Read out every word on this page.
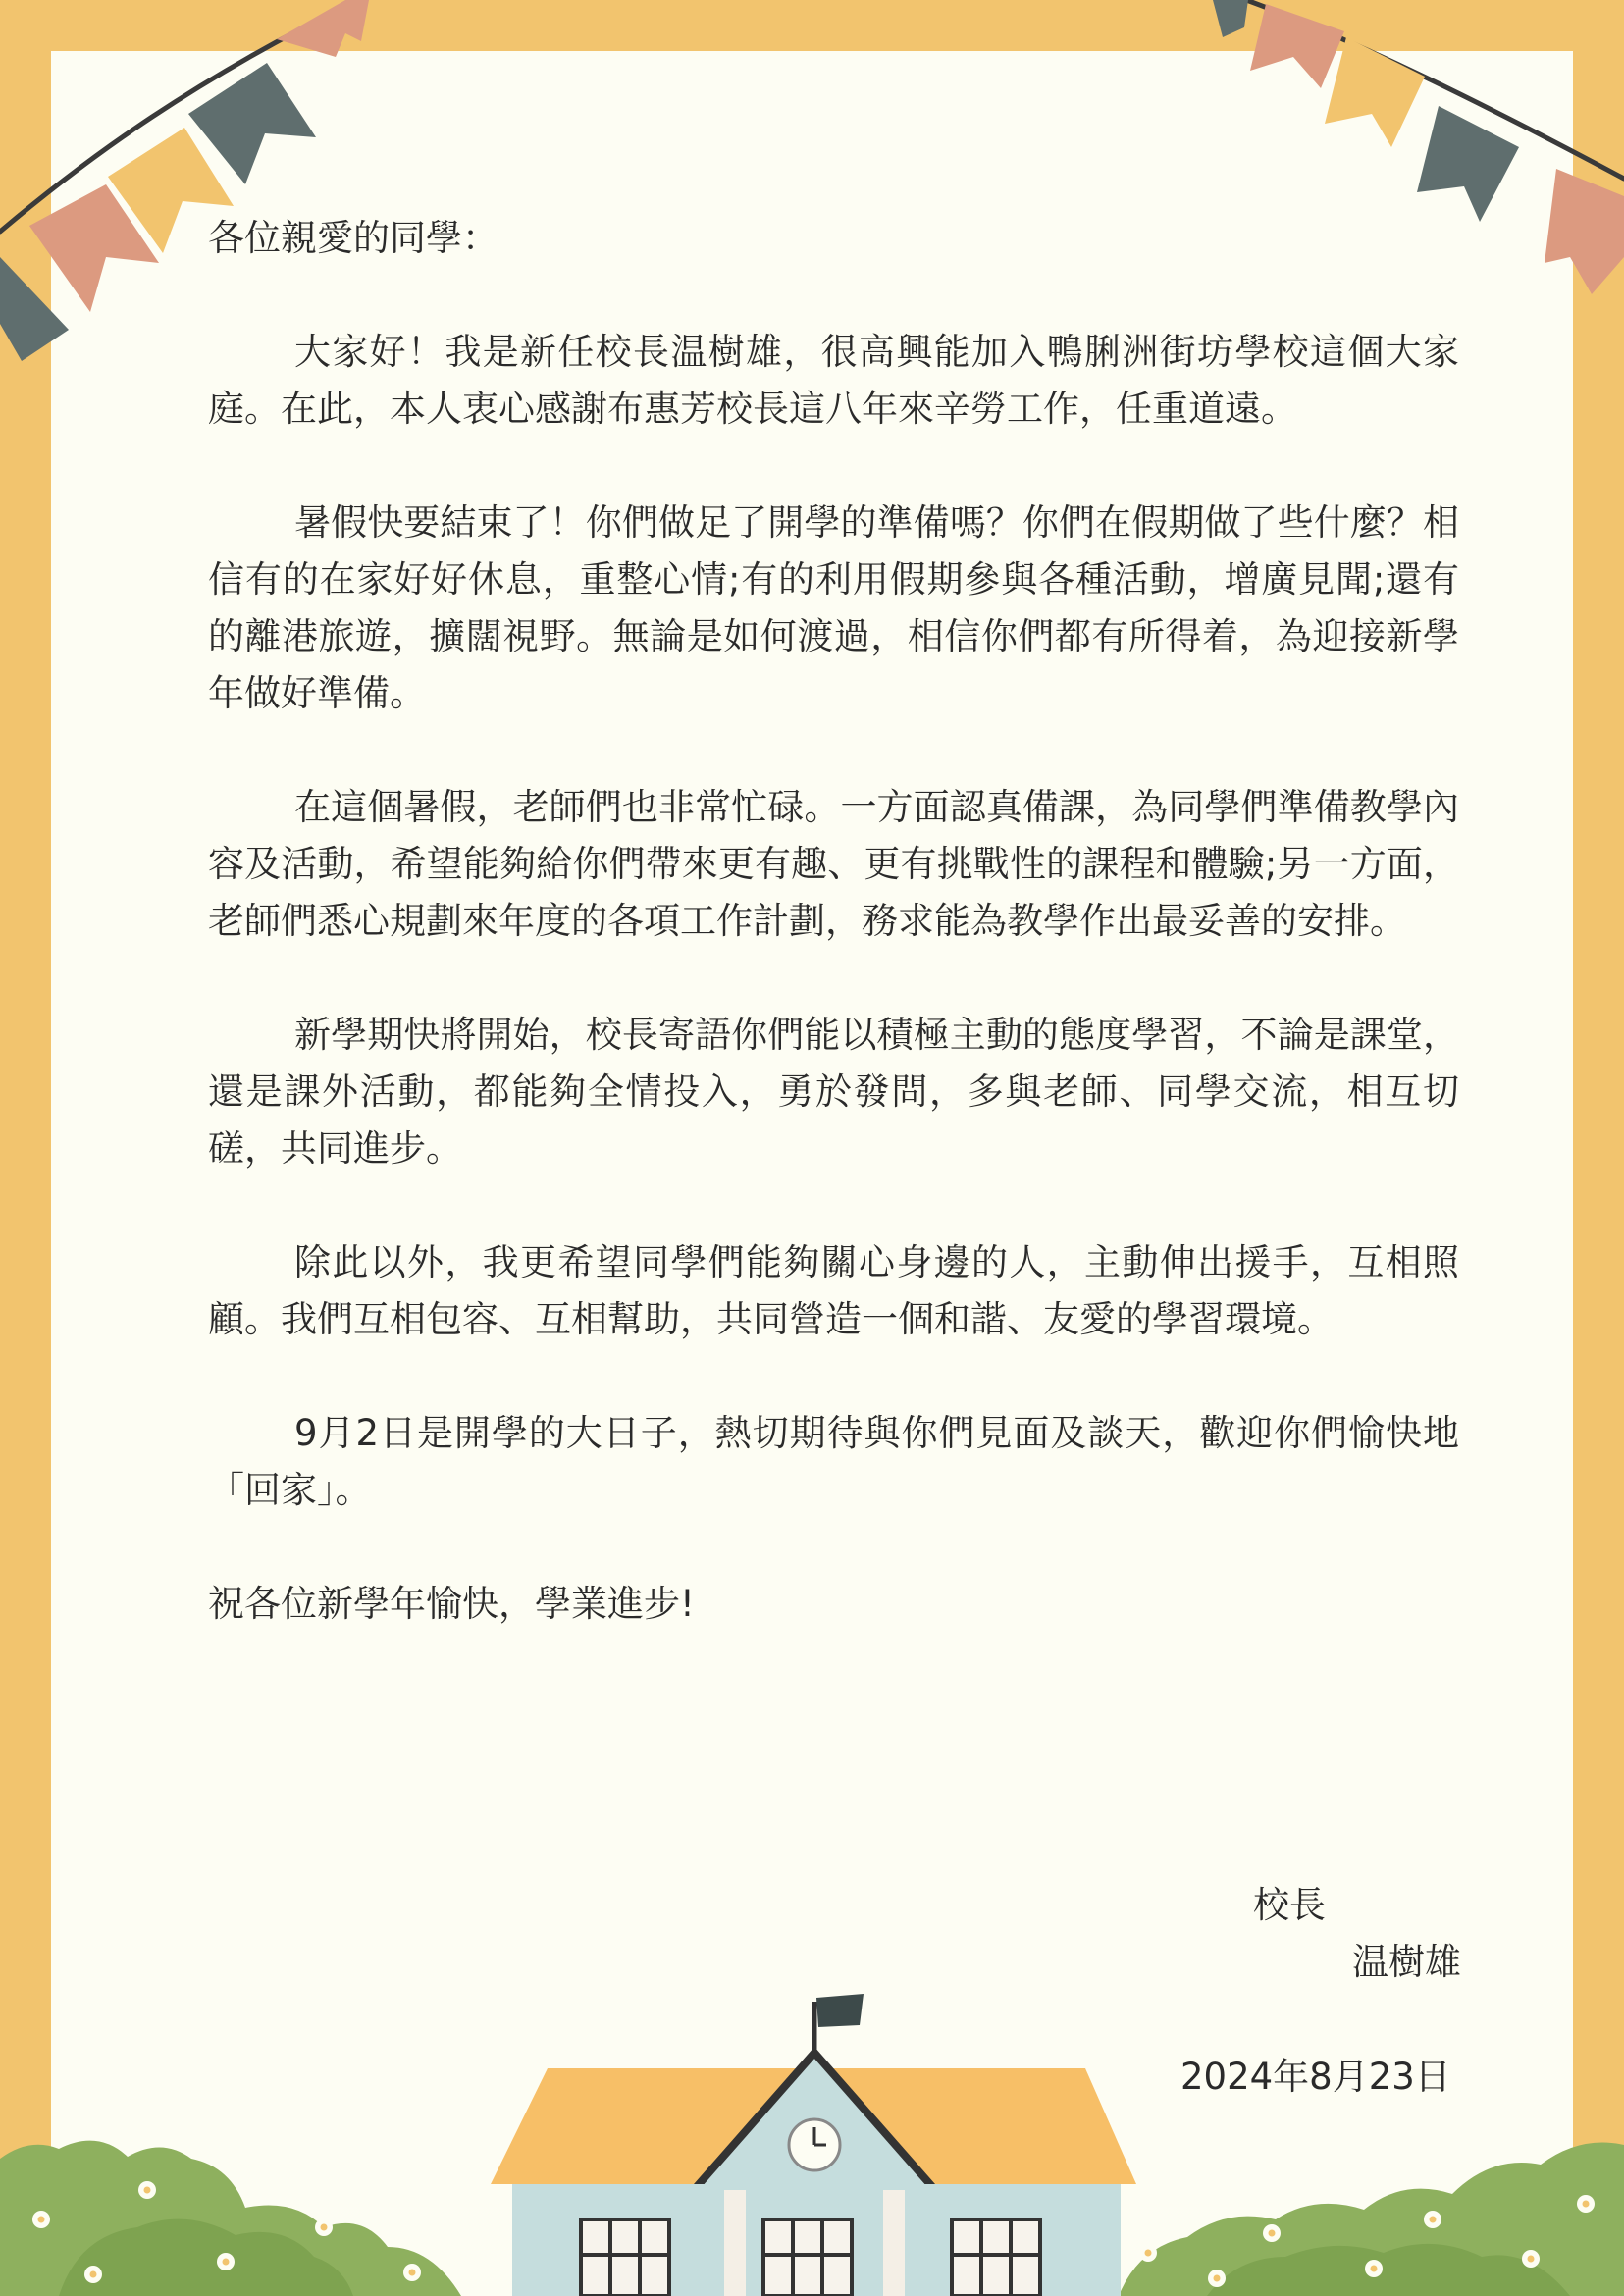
各位親愛的同學：

大家好！我是新任校長温樹雄，很高興能加入鴨脷洲街坊學校這個大家庭。在此，本人衷心感謝布惠芳校長這八年來辛勞工作，任重道遠。

暑假快要結束了！你們做足了開學的準備嗎？你們在假期做了些什麼？相信有的在家好好休息，重整心情;有的利用假期參與各種活動，增廣見聞;還有的離港旅遊，擴闊視野。無論是如何渡過，相信你們都有所得着，為迎接新學年做好準備。

在這個暑假，老師們也非常忙碌。一方面認真備課，為同學們準備教學內容及活動，希望能夠給你們帶來更有趣、更有挑戰性的課程和體驗;另一方面，老師們悉心規劃來年度的各項工作計劃，務求能為教學作出最妥善的安排。

新學期快將開始，校長寄語你們能以積極主動的態度學習，不論是課堂，還是課外活動，都能夠全情投入，勇於發問，多與老師、同學交流，相互切磋，共同進步。

除此以外，我更希望同學們能夠關心身邊的人，主動伸出援手，互相照顧。我們互相包容、互相幫助，共同營造一個和諧、友愛的學習環境。

9月2日是開學的大日子，熱切期待與你們見面及談天，歡迎你們愉快地「回家」。

祝各位新學年愉快，學業進步!

校長
温樹雄
2024年8月23日
